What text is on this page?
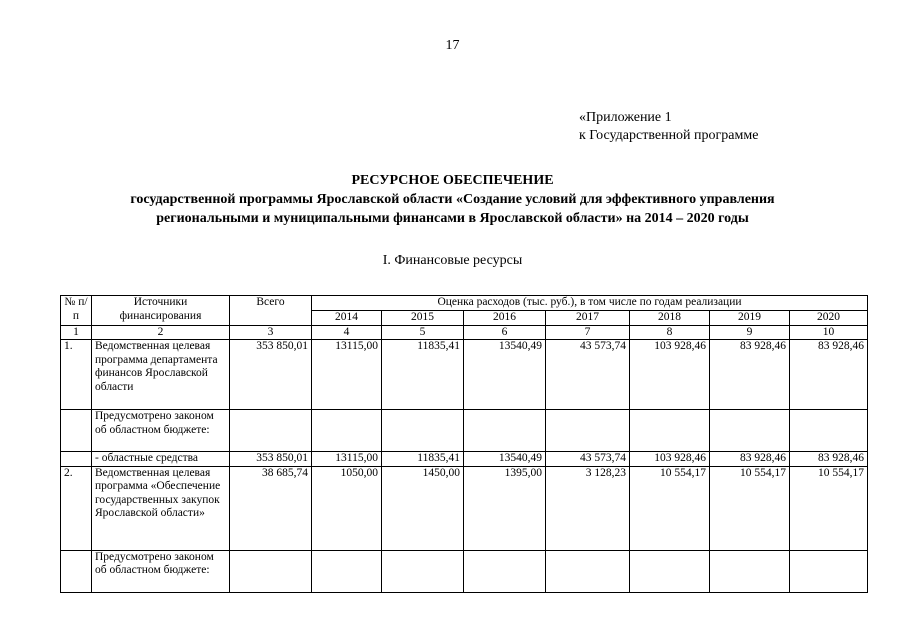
17
«Приложение 1
к Государственной программе
РЕСУРСНОЕ ОБЕСПЕЧЕНИЕ
государственной программы Ярославской области «Создание условий для эффективного управления
региональными и муниципальными финансами в Ярославской области» на 2014 – 2020 годы
I. Финансовые ресурсы
№ п/п	Источники финансирования	Всего	Оценка расходов (тыс. руб.), в том числе по годам реализации						
			2014	2015	2016	2017	2018	2019	2020
1	2	3	4	5	6	7	8	9	10
1.	Ведомственная целевая программа департамента финансов Ярославской области	353 850,01	13115,00	11835,41	13540,49	43 573,74	103 928,46	83 928,46	83 928,46
	Предусмотрено законом об областном бюджете:								
	- областные средства	353 850,01	13115,00	11835,41	13540,49	43 573,74	103 928,46	83 928,46	83 928,46
2.	Ведомственная целевая программа «Обеспечение государственных закупок Ярославской области»	38 685,74	1050,00	1450,00	1395,00	3 128,23	10 554,17	10 554,17	10 554,17
	Предусмотрено законом об областном бюджете:								
